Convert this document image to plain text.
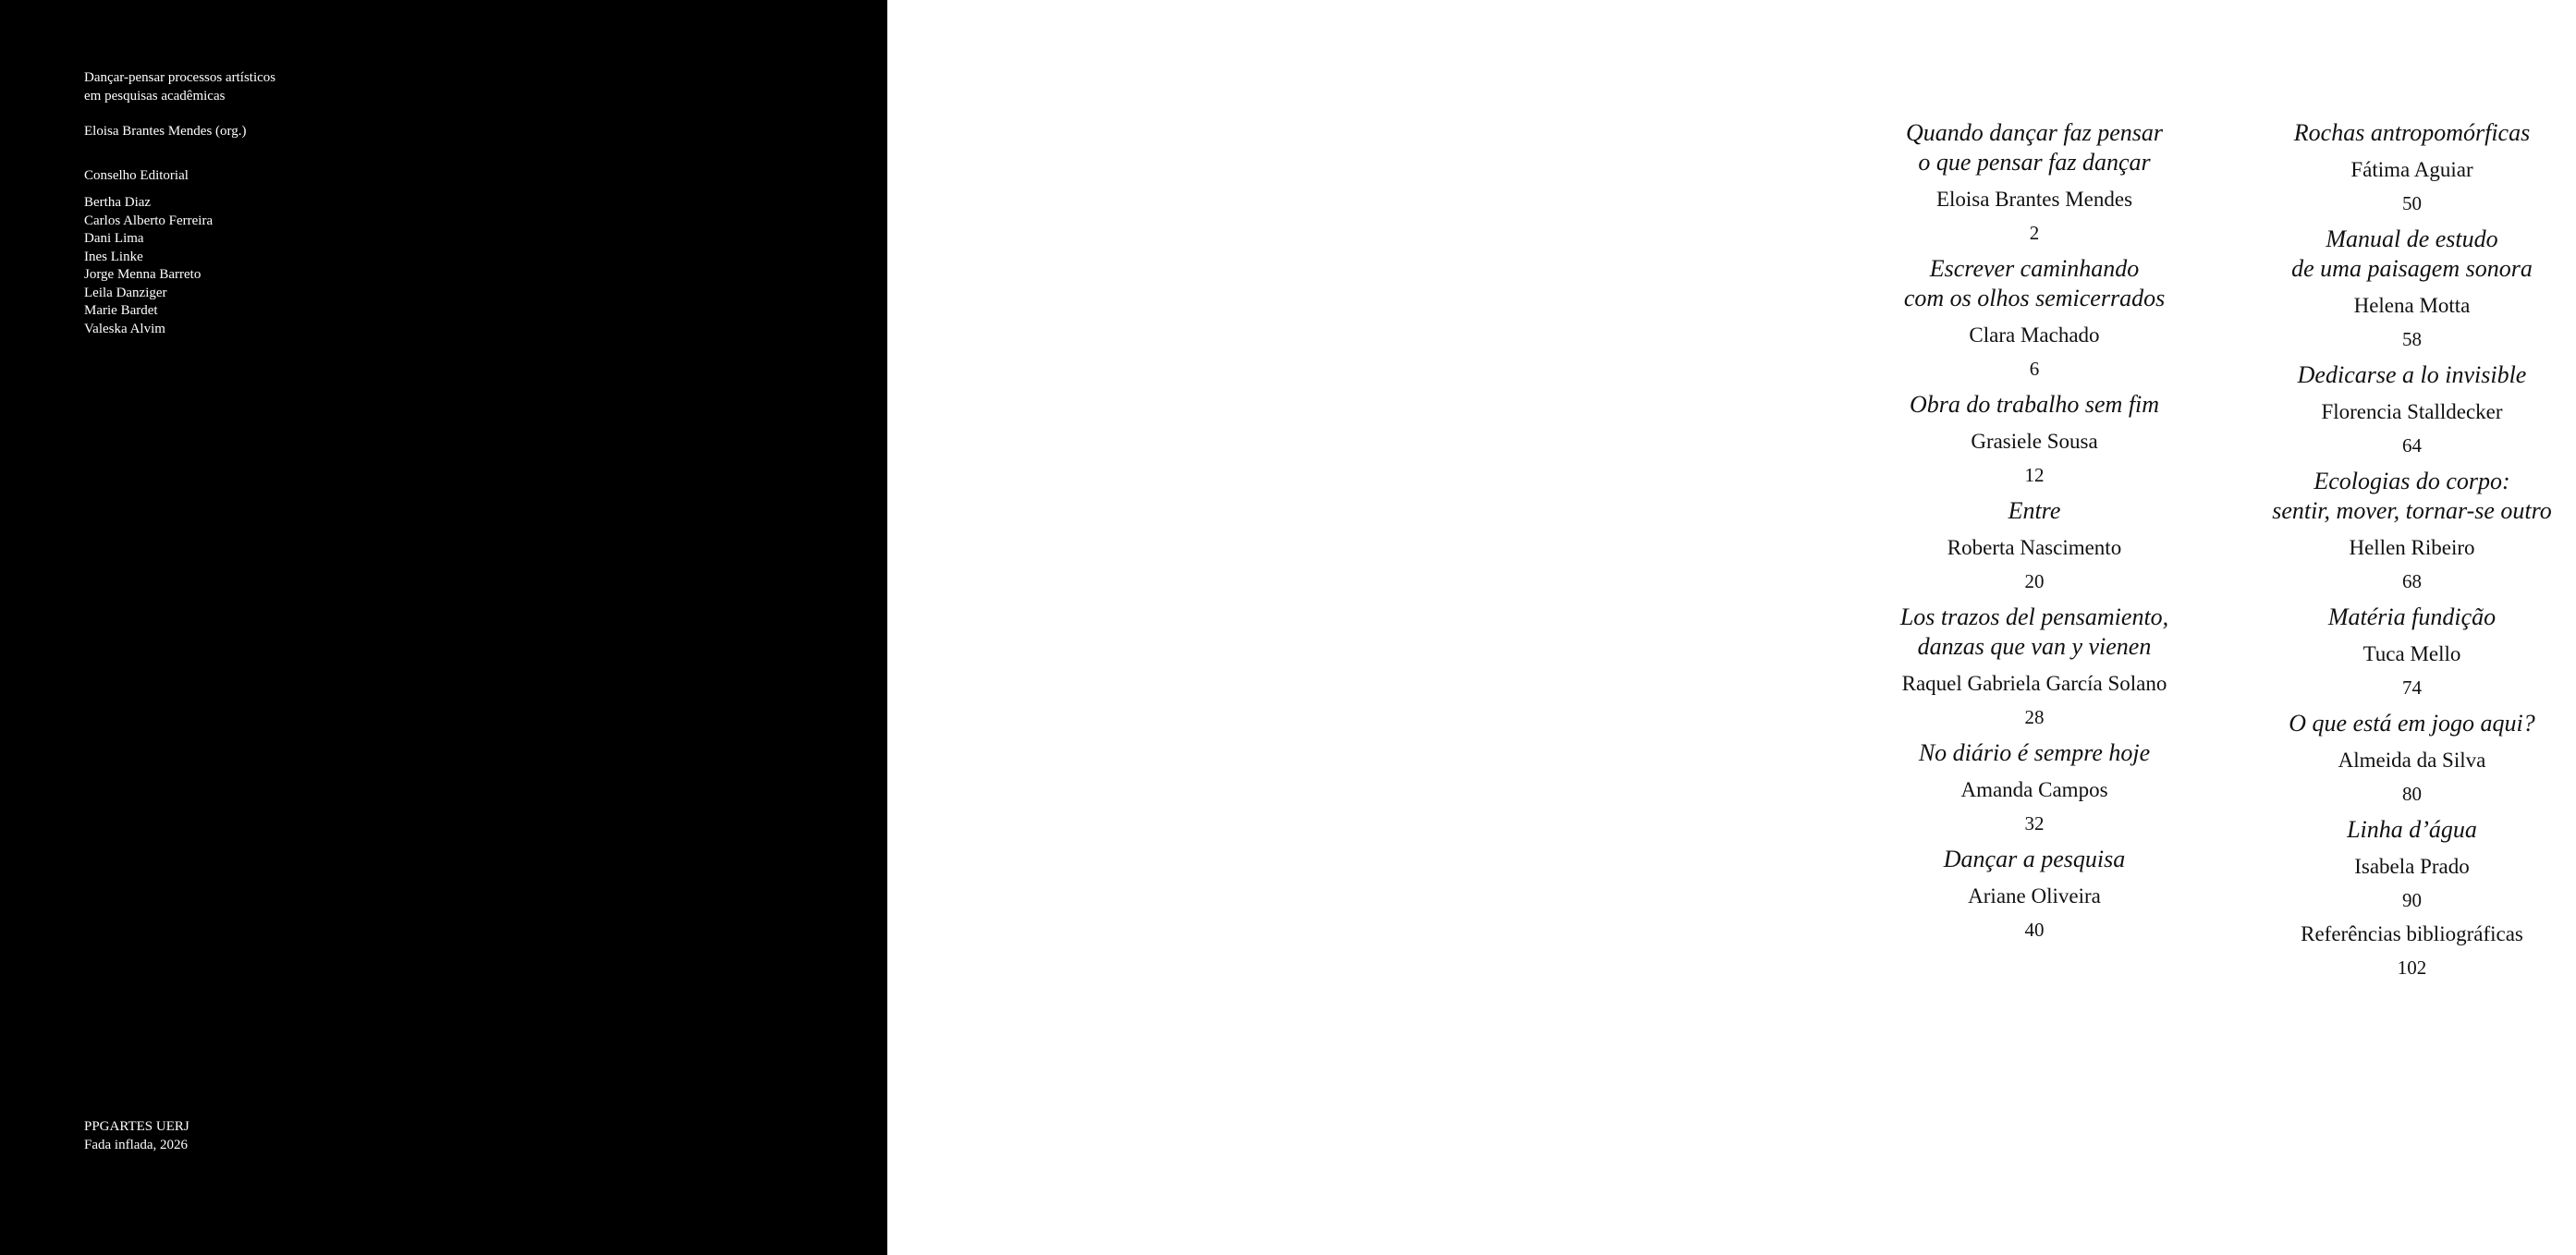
Dançar-pensar processos artísticos
em pesquisas acadêmicas
Eloisa Brantes Mendes (org.)
Conselho Editorial
Bertha Diaz
Carlos Alberto Ferreira
Dani Lima
Ines Linke
Jorge Menna Barreto
Leila Danziger
Marie Bardet
Valeska Alvim
PPGARTES UERJ
Fada inflada, 2026
Quando dançar faz pensar
o que pensar faz dançar
Eloisa Brantes Mendes
2
Escrever caminhando
com os olhos semicerrados
Clara Machado
6
Obra do trabalho sem fim
Grasiele Sousa
12
Entre
Roberta Nascimento
20
Los trazos del pensamiento,
danzas que van y vienen
Raquel Gabriela García Solano
28
No diário é sempre hoje
Amanda Campos
32
Dançar a pesquisa
Ariane Oliveira
40
Rochas antropomórficas
Fátima Aguiar
50
Manual de estudo
de uma paisagem sonora
Helena Motta
58
Dedicarse a lo invisible
Florencia Stalldecker
64
Ecologias do corpo:
sentir, mover, tornar-se outro
Hellen Ribeiro
68
Matéria fundição
Tuca Mello
74
O que está em jogo aqui?
Almeida da Silva
80
Linha d’água
Isabela Prado
90
Referências bibliográficas
102
